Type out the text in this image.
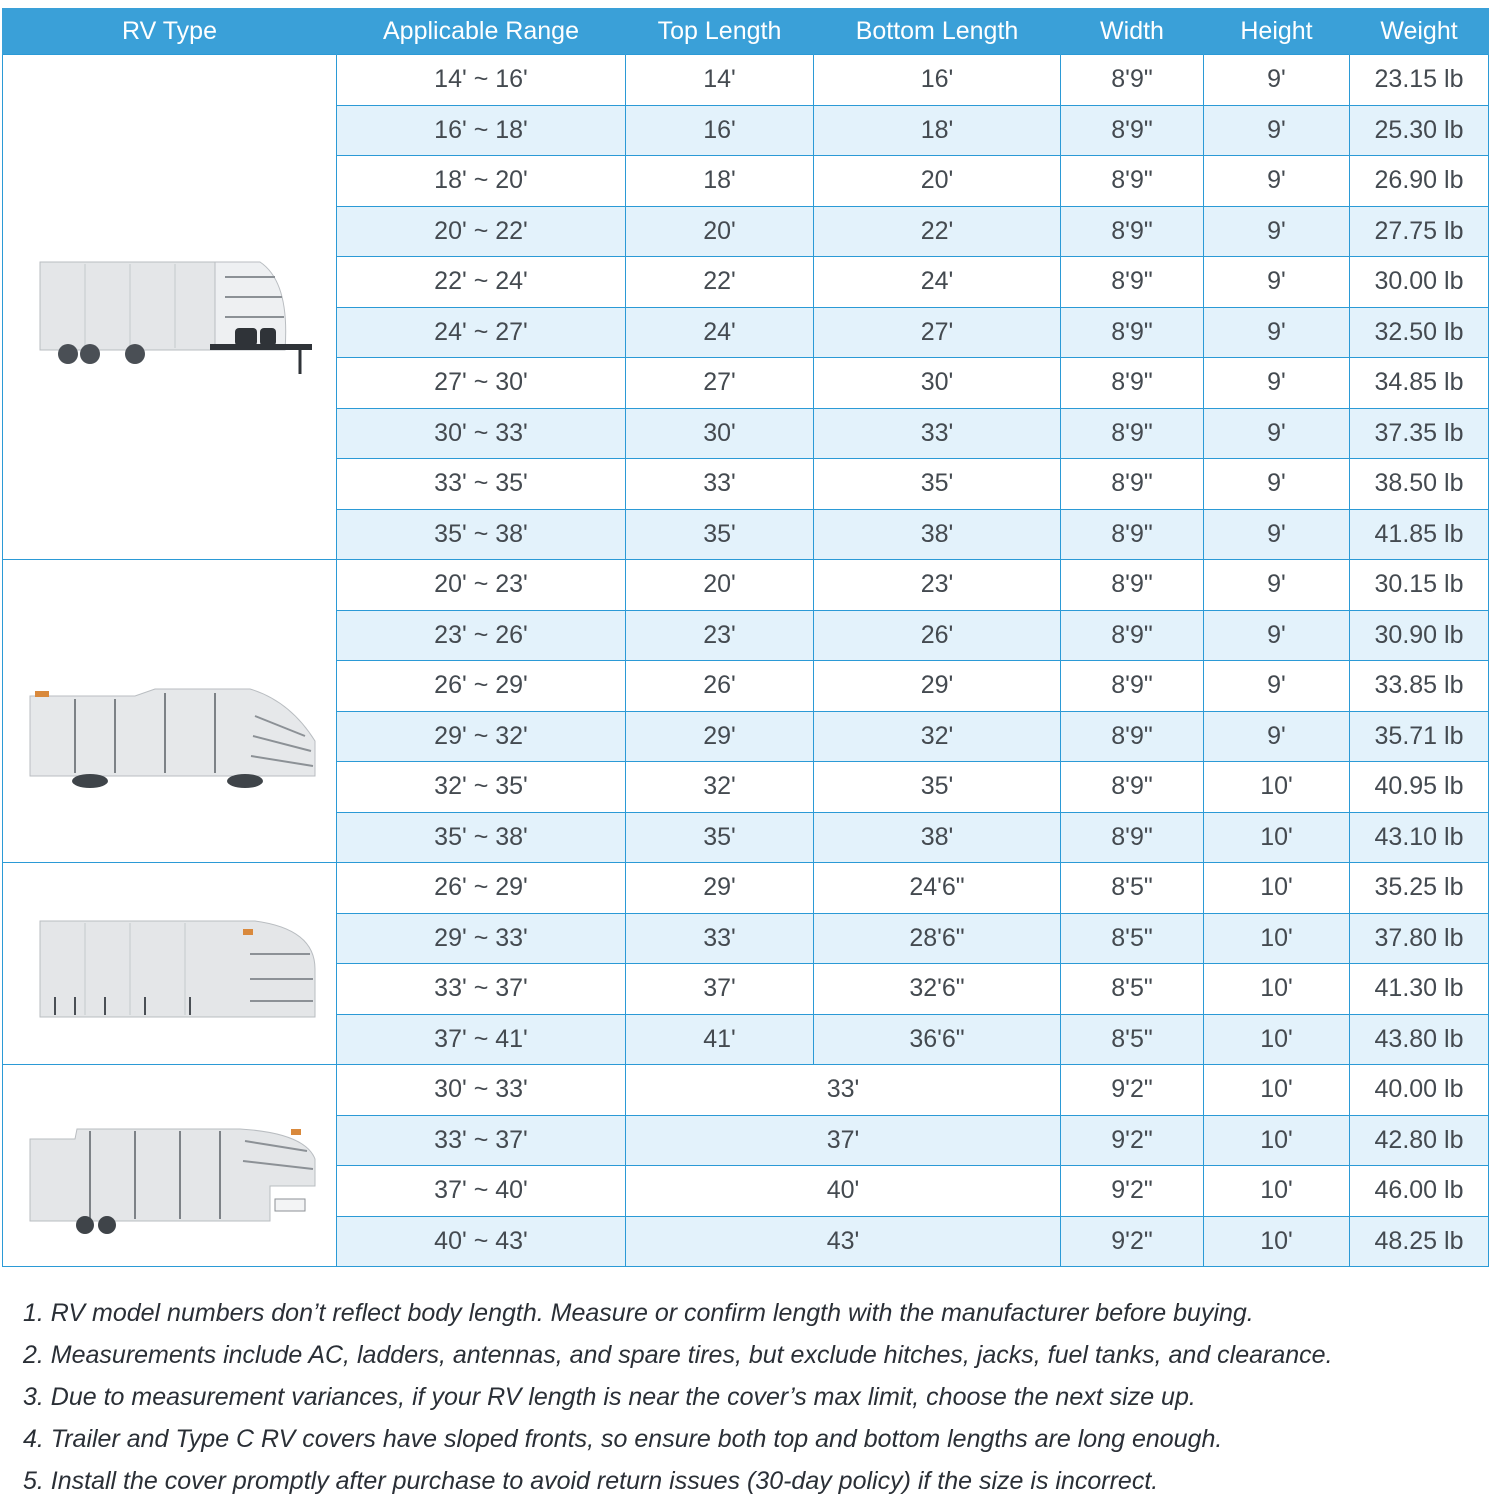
RV Type	Applicable Range	Top Length	Bottom Length	Width	Height	Weight

	14' ~ 16'	14'	16'	8'9"	9'	23.15 lb
	16' ~ 18'	16'	18'	8'9"	9'	25.30 lb
	18' ~ 20'	18'	20'	8'9"	9'	26.90 lb
	20' ~ 22'	20'	22'	8'9"	9'	27.75 lb
	22' ~ 24'	22'	24'	8'9"	9'	30.00 lb
	24' ~ 27'	24'	27'	8'9"	9'	32.50 lb
	27' ~ 30'	27'	30'	8'9"	9'	34.85 lb
	30' ~ 33'	30'	33'	8'9"	9'	37.35 lb
	33' ~ 35'	33'	35'	8'9"	9'	38.50 lb
	35' ~ 38'	35'	38'	8'9"	9'	41.85 lb

	20' ~ 23'	20'	23'	8'9"	9'	30.15 lb
	23' ~ 26'	23'	26'	8'9"	9'	30.90 lb
	26' ~ 29'	26'	29'	8'9"	9'	33.85 lb
	29' ~ 32'	29'	32'	8'9"	9'	35.71 lb
	32' ~ 35'	32'	35'	8'9"	10'	40.95 lb
	35' ~ 38'	35'	38'	8'9"	10'	43.10 lb

	26' ~ 29'	29'	24'6"	8'5"	10'	35.25 lb
	29' ~ 33'	33'	28'6"	8'5"	10'	37.80 lb
	33' ~ 37'	37'	32'6"	8'5"	10'	41.30 lb
	37' ~ 41'	41'	36'6"	8'5"	10'	43.80 lb

	30' ~ 33'	33'		9'2"	10'	40.00 lb
	33' ~ 37'	37'		9'2"	10'	42.80 lb
	37' ~ 40'	40'		9'2"	10'	46.00 lb
	40' ~ 43'	43'		9'2"	10'	48.25 lb

1. RV model numbers don’t reflect body length. Measure or confirm length with the manufacturer before buying.

2. Measurements include AC, ladders, antennas, and spare tires, but exclude hitches, jacks, fuel tanks, and clearance.

3. Due to measurement variances, if your RV length is near the cover’s max limit, choose the next size up.

4. Trailer and Type C RV covers have sloped fronts, so ensure both top and bottom lengths are long enough.

5. Install the cover promptly after purchase to avoid return issues (30-day policy) if the size is incorrect.
